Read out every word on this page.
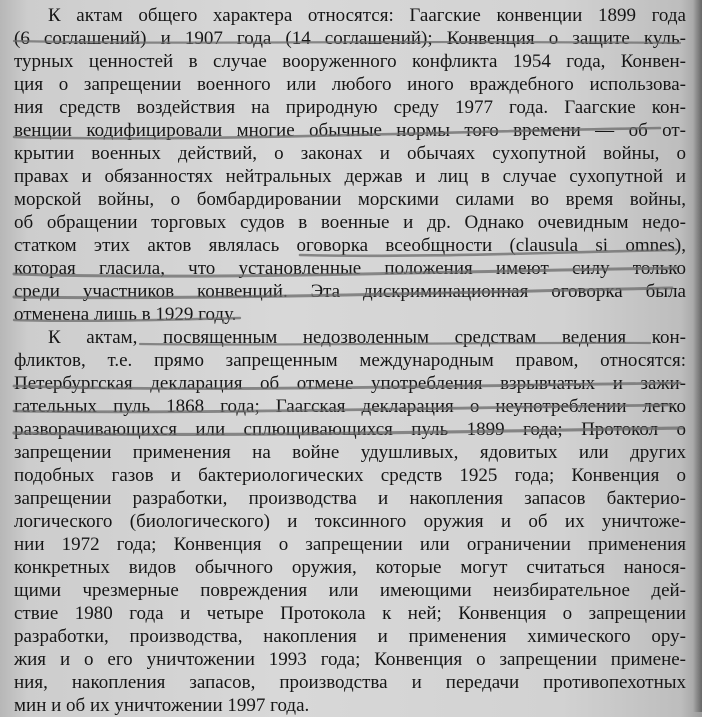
К актам общего характера относятся: Гаагские конвенции 1899 года
(6 соглашений) и 1907 года (14 соглашений); Конвенция о защите куль-
турных ценностей в случае вооруженного конфликта 1954 года, Конвен-
ция о запрещении военного или любого иного враждебного использова-
ния средств воздействия на природную среду 1977 года. Гаагские кон-
венции кодифицировали многие обычные нормы того времени — об от-
крытии военных действий, о законах и обычаях сухопутной войны, о
правах и обязанностях нейтральных держав и лиц в случае сухопутной и
морской войны, о бомбардировании морскими силами во время войны,
об обращении торговых судов в военные и др. Однако очевидным недо-
статком этих актов являлась оговорка всеобщности (clausula si omnes),
которая гласила, что установленные положения имеют силу только
среди участников конвенций. Эта дискриминационная оговорка была
отменена лишь в 1929 году.
К актам, посвященным недозволенным средствам ведения кон-
фликтов, т.е. прямо запрещенным международным правом, относятся:
Петербургская декларация об отмене употребления взрывчатых и зажи-
гательных пуль 1868 года; Гаагская декларация о неупотреблении легко
разворачивающихся или сплющивающихся пуль 1899 года; Протокол о
запрещении применения на войне удушливых, ядовитых или других
подобных газов и бактериологических средств 1925 года; Конвенция о
запрещении разработки, производства и накопления запасов бактерио-
логического (биологического) и токсинного оружия и об их уничтоже-
нии 1972 года; Конвенция о запрещении или ограничении применения
конкретных видов обычного оружия, которые могут считаться нанося-
щими чрезмерные повреждения или имеющими неизбирательное дей-
ствие 1980 года и четыре Протокола к ней; Конвенция о запрещении
разработки, производства, накопления и применения химического ору-
жия и о его уничтожении 1993 года; Конвенция о запрещении примене-
ния, накопления запасов, производства и передачи противопехотных
мин и об их уничтожении 1997 года.
